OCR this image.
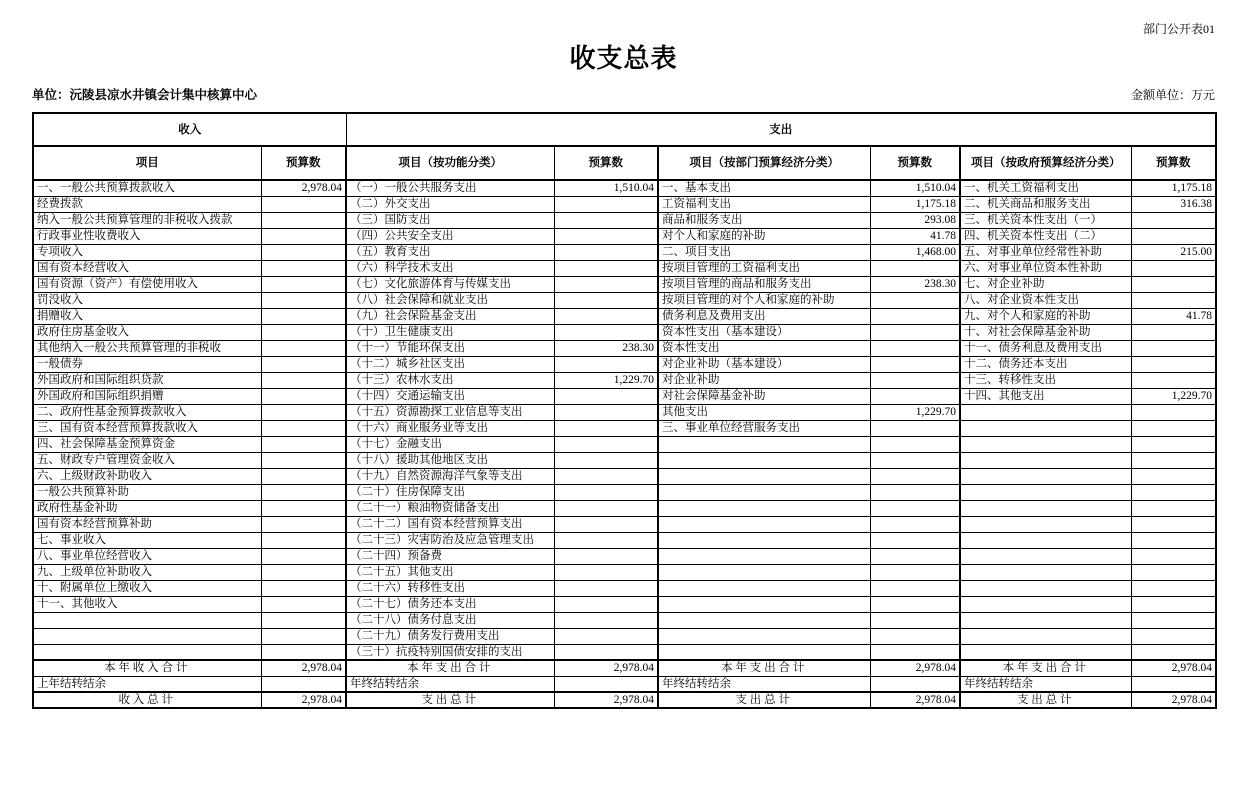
部门公开表01
收支总表
单位：沅陵县凉水井镇会计集中核算中心	金额单位：万元
收入		支出					
项目	预算数	项目（按功能分类）	预算数	项目（按部门预算经济分类）	预算数	项目（按政府预算经济分类）	预算数
一、一般公共预算拨款收入	2,978.04	（一）一般公共服务支出	1,510.04	一、基本支出	1,510.04	一、机关工资福利支出	1,175.18
经费拨款		（二）外交支出		工资福利支出	1,175.18	二、机关商品和服务支出	316.38
纳入一般公共预算管理的非税收入拨款		（三）国防支出		商品和服务支出	293.08	三、机关资本性支出（一）	
行政事业性收费收入		（四）公共安全支出		对个人和家庭的补助	41.78	四、机关资本性支出（二）	
专项收入		（五）教育支出		二、项目支出	1,468.00	五、对事业单位经常性补助	215.00
国有资本经营收入		（六）科学技术支出		按项目管理的工资福利支出		六、对事业单位资本性补助	
国有资源（资产）有偿使用收入		（七）文化旅游体育与传媒支出		按项目管理的商品和服务支出	238.30	七、对企业补助	
罚没收入		（八）社会保障和就业支出		按项目管理的对个人和家庭的补助		八、对企业资本性支出	
捐赠收入		（九）社会保险基金支出		债务利息及费用支出		九、对个人和家庭的补助	41.78
政府住房基金收入		（十）卫生健康支出		资本性支出（基本建设）		十、对社会保障基金补助	
其他纳入一般公共预算管理的非税收		（十一）节能环保支出	238.30	资本性支出		十一、债务利息及费用支出	
一般债券		（十二）城乡社区支出		对企业补助（基本建设）		十二、债务还本支出	
外国政府和国际组织贷款		（十三）农林水支出	1,229.70	对企业补助		十三、转移性支出	
外国政府和国际组织捐赠		（十四）交通运输支出		对社会保障基金补助		十四、其他支出	1,229.70
二、政府性基金预算拨款收入		（十五）资源勘探工业信息等支出		其他支出	1,229.70		
三、国有资本经营预算拨款收入		（十六）商业服务业等支出		三、事业单位经营服务支出			
四、社会保障基金预算资金		（十七）金融支出					
五、财政专户管理资金收入		（十八）援助其他地区支出					
六、上级财政补助收入		（十九）自然资源海洋气象等支出					
一般公共预算补助		（二十）住房保障支出					
政府性基金补助		（二十一）粮油物资储备支出					
国有资本经营预算补助		（二十二）国有资本经营预算支出					
七、事业收入		（二十三）灾害防治及应急管理支出					
八、事业单位经营收入		（二十四）预备费					
九、上级单位补助收入		（二十五）其他支出					
十、附属单位上缴收入		（二十六）转移性支出					
十一、其他收入		（二十七）债务还本支出					
		（二十八）债务付息支出					
		（二十九）债务发行费用支出					
		（三十）抗疫特别国债安排的支出					
本 年 收 入 合 计	2,978.04	本 年 支 出 合 计	2,978.04	本 年 支 出 合 计	2,978.04	本 年 支 出 合 计	2,978.04
上年结转结余		年终结转结余		年终结转结余		年终结转结余	
收 入 总 计	2,978.04	支 出 总 计	2,978.04	支 出 总 计	2,978.04	支 出 总 计	2,978.04
